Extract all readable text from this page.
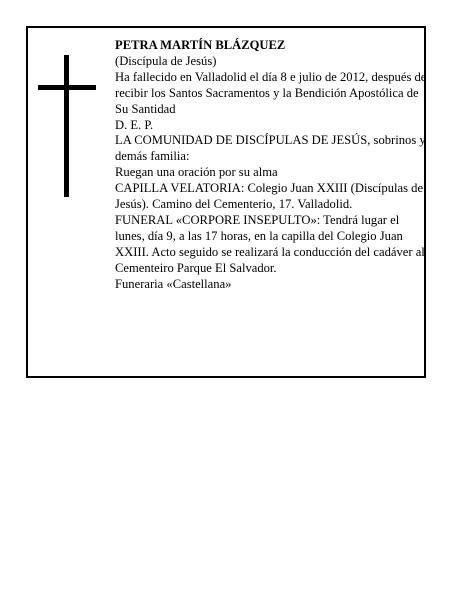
PETRA MARTÍN BLÁZQUEZ

(Discípula de Jesús)

Ha fallecido en Valladolid el día 8 e julio de 2012, después de recibir los Santos Sacramentos y la Bendición Apostólica de Su Santidad

D. E. P.

LA COMUNIDAD DE DISCÍPULAS DE JESÚS, sobrinos y demás familia:

Ruegan una oración por su alma

CAPILLA VELATORIA: Colegio Juan XXIII (Discípulas de Jesús). Camino del Cementerio, 17. Valladolid.

FUNERAL «CORPORE INSEPULTO»: Tendrá lugar el lunes, día 9, a las 17 horas, en la capilla del Colegio Juan XXIII. Acto seguido se realizará la conducción del cadáver al Cementeiro Parque El Salvador.

Funeraria «Castellana»
